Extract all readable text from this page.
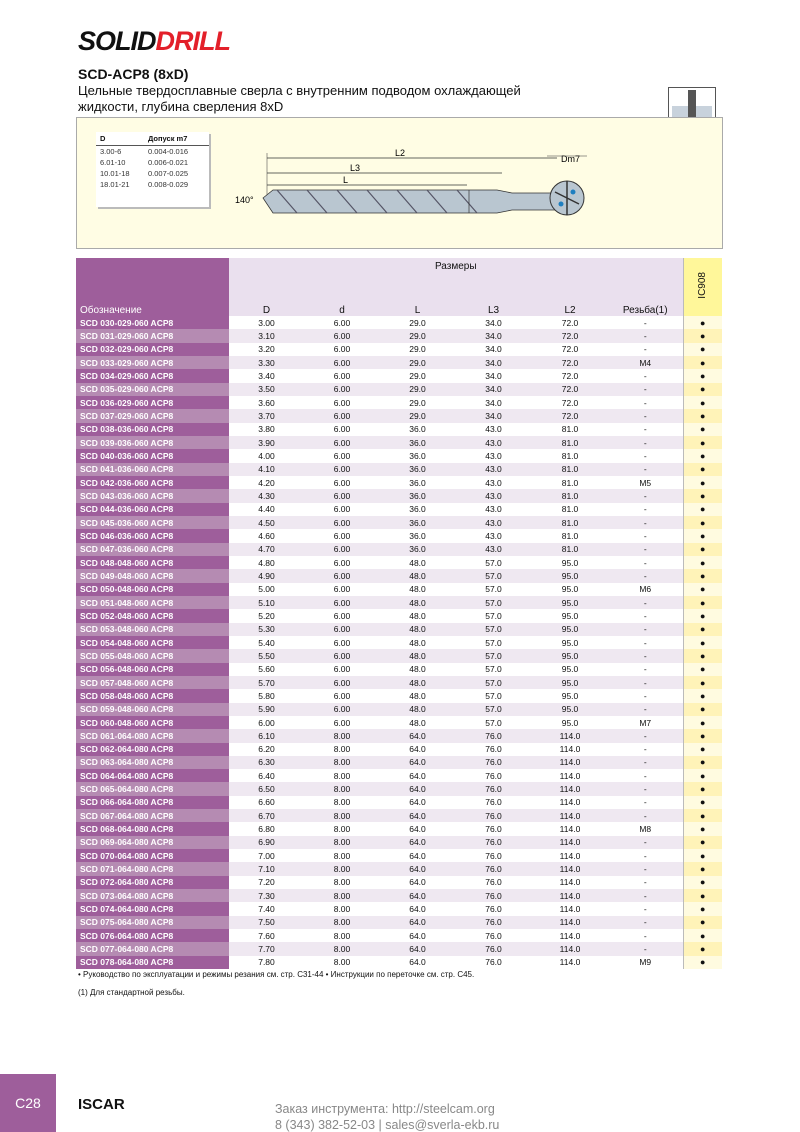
SOLIDDRILL
SCD-ACP8 (8xD)
Цельные твердосплавные сверла с внутренним подводом охлаждающей жидкости, глубина сверления 8xD
D	Допуск m7
3.00-6	0.004-0.016
6.01-10	0.006-0.021
10.01-18	0.007-0.025
18.01-21	0.008-0.029
L2
L3
L
140°
Dm7
Обозначение	Размеры						IC908
	D	d	L	L3	L2	Резьба(1)	
SCD 030-029-060 ACP8	3.00	6.00	29.0	34.0	72.0	-	●
SCD 031-029-060 ACP8	3.10	6.00	29.0	34.0	72.0	-	●
SCD 032-029-060 ACP8	3.20	6.00	29.0	34.0	72.0	-	●
SCD 033-029-060 ACP8	3.30	6.00	29.0	34.0	72.0	M4	●
SCD 034-029-060 ACP8	3.40	6.00	29.0	34.0	72.0	-	●
SCD 035-029-060 ACP8	3.50	6.00	29.0	34.0	72.0	-	●
SCD 036-029-060 ACP8	3.60	6.00	29.0	34.0	72.0	-	●
SCD 037-029-060 ACP8	3.70	6.00	29.0	34.0	72.0	-	●
SCD 038-036-060 ACP8	3.80	6.00	36.0	43.0	81.0	-	●
SCD 039-036-060 ACP8	3.90	6.00	36.0	43.0	81.0	-	●
SCD 040-036-060 ACP8	4.00	6.00	36.0	43.0	81.0	-	●
SCD 041-036-060 ACP8	4.10	6.00	36.0	43.0	81.0	-	●
SCD 042-036-060 ACP8	4.20	6.00	36.0	43.0	81.0	M5	●
SCD 043-036-060 ACP8	4.30	6.00	36.0	43.0	81.0	-	●
SCD 044-036-060 ACP8	4.40	6.00	36.0	43.0	81.0	-	●
SCD 045-036-060 ACP8	4.50	6.00	36.0	43.0	81.0	-	●
SCD 046-036-060 ACP8	4.60	6.00	36.0	43.0	81.0	-	●
SCD 047-036-060 ACP8	4.70	6.00	36.0	43.0	81.0	-	●
SCD 048-048-060 ACP8	4.80	6.00	48.0	57.0	95.0	-	●
SCD 049-048-060 ACP8	4.90	6.00	48.0	57.0	95.0	-	●
SCD 050-048-060 ACP8	5.00	6.00	48.0	57.0	95.0	M6	●
SCD 051-048-060 ACP8	5.10	6.00	48.0	57.0	95.0	-	●
SCD 052-048-060 ACP8	5.20	6.00	48.0	57.0	95.0	-	●
SCD 053-048-060 ACP8	5.30	6.00	48.0	57.0	95.0	-	●
SCD 054-048-060 ACP8	5.40	6.00	48.0	57.0	95.0	-	●
SCD 055-048-060 ACP8	5.50	6.00	48.0	57.0	95.0	-	●
SCD 056-048-060 ACP8	5.60	6.00	48.0	57.0	95.0	-	●
SCD 057-048-060 ACP8	5.70	6.00	48.0	57.0	95.0	-	●
SCD 058-048-060 ACP8	5.80	6.00	48.0	57.0	95.0	-	●
SCD 059-048-060 ACP8	5.90	6.00	48.0	57.0	95.0	-	●
SCD 060-048-060 ACP8	6.00	6.00	48.0	57.0	95.0	M7	●
SCD 061-064-080 ACP8	6.10	8.00	64.0	76.0	114.0	-	●
SCD 062-064-080 ACP8	6.20	8.00	64.0	76.0	114.0	-	●
SCD 063-064-080 ACP8	6.30	8.00	64.0	76.0	114.0	-	●
SCD 064-064-080 ACP8	6.40	8.00	64.0	76.0	114.0	-	●
SCD 065-064-080 ACP8	6.50	8.00	64.0	76.0	114.0	-	●
SCD 066-064-080 ACP8	6.60	8.00	64.0	76.0	114.0	-	●
SCD 067-064-080 ACP8	6.70	8.00	64.0	76.0	114.0	-	●
SCD 068-064-080 ACP8	6.80	8.00	64.0	76.0	114.0	M8	●
SCD 069-064-080 ACP8	6.90	8.00	64.0	76.0	114.0	-	●
SCD 070-064-080 ACP8	7.00	8.00	64.0	76.0	114.0	-	●
SCD 071-064-080 ACP8	7.10	8.00	64.0	76.0	114.0	-	●
SCD 072-064-080 ACP8	7.20	8.00	64.0	76.0	114.0	-	●
SCD 073-064-080 ACP8	7.30	8.00	64.0	76.0	114.0	-	●
SCD 074-064-080 ACP8	7.40	8.00	64.0	76.0	114.0	-	●
SCD 075-064-080 ACP8	7.50	8.00	64.0	76.0	114.0	-	●
SCD 076-064-080 ACP8	7.60	8.00	64.0	76.0	114.0	-	●
SCD 077-064-080 ACP8	7.70	8.00	64.0	76.0	114.0	-	●
SCD 078-064-080 ACP8	7.80	8.00	64.0	76.0	114.0	M9	●
• Руководство по эксплуатации и режимы резания см. стр. C31-44 • Инструкции по переточке см. стр. C45.
(1) Для стандартной резьбы.
C28	ISCAR	Заказ инструмента: http://steelcam.org
8 (343) 382-52-03 | sales@sverla-ekb.ru
